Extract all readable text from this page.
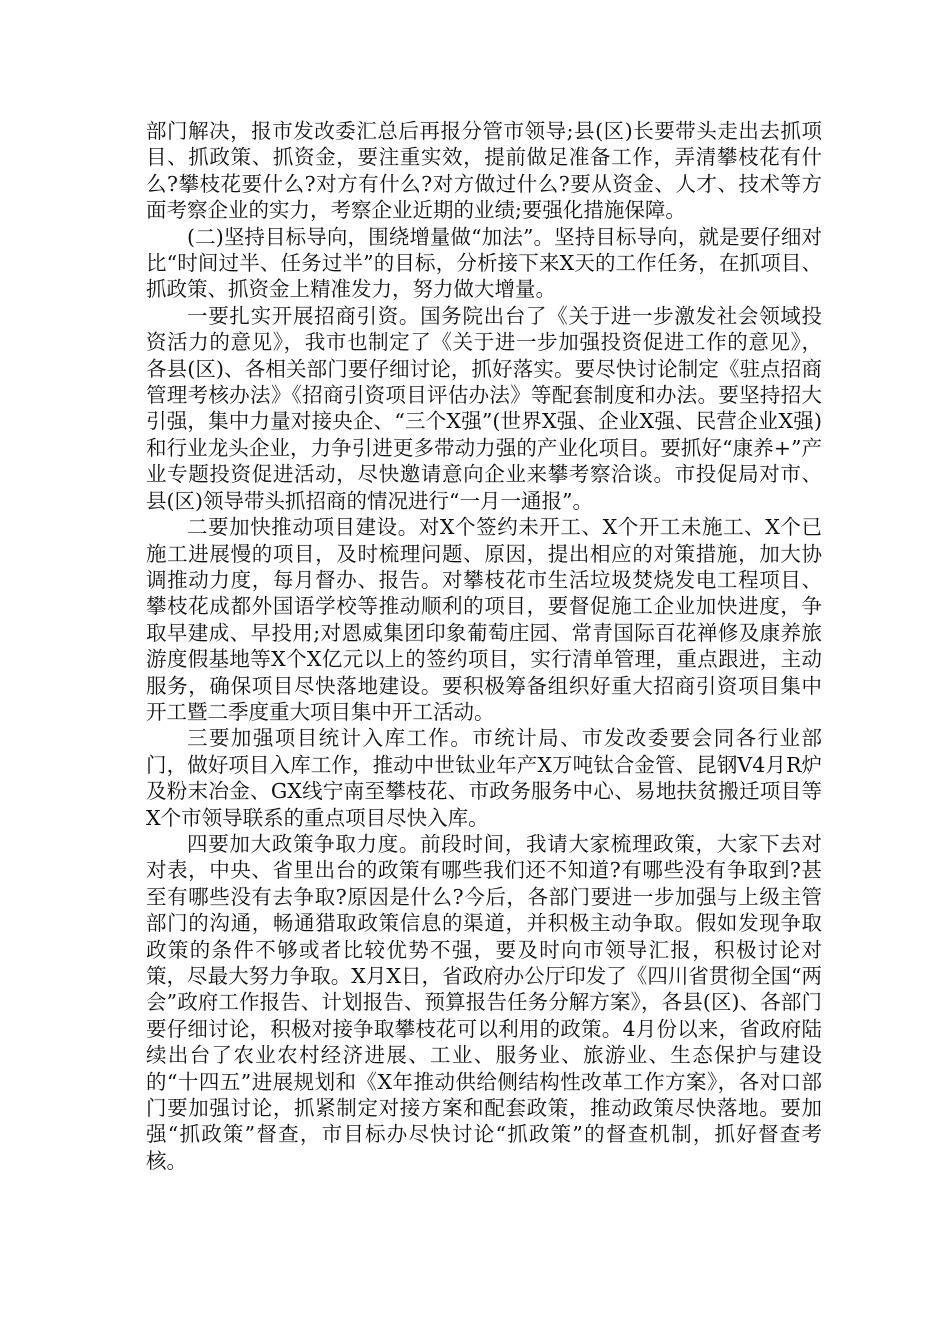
部门解决，报市发改委汇总后再报分管市领导;县(区)长要带头走出去抓项目、抓政策、抓资金，要注重实效，提前做足准备工作，弄清攀枝花有什么?攀枝花要什么?对方有什么?对方做过什么?要从资金、人才、技术等方面考察企业的实力，考察企业近期的业绩;要强化措施保障。

(二)坚持目标导向，围绕增量做“加法”。坚持目标导向，就是要仔细对比“时间过半、任务过半”的目标，分析接下来X天的工作任务，在抓项目、抓政策、抓资金上精准发力，努力做大增量。

一要扎实开展招商引资。国务院出台了《关于进一步激发社会领域投资活力的意见》，我市也制定了《关于进一步加强投资促进工作的意见》，各县(区)、各相关部门要仔细讨论，抓好落实。要尽快讨论制定《驻点招商管理考核办法》《招商引资项目评估办法》等配套制度和办法。要坚持招大引强，集中力量对接央企、“三个X强”(世界X强、企业X强、民营企业X强)和行业龙头企业，力争引进更多带动力强的产业化项目。要抓好“康养+”产业专题投资促进活动，尽快邀请意向企业来攀考察洽谈。市投促局对市、县(区)领导带头抓招商的情况进行“一月一通报”。

二要加快推动项目建设。对X个签约未开工、X个开工未施工、X个已施工进展慢的项目，及时梳理问题、原因，提出相应的对策措施，加大协调推动力度，每月督办、报告。对攀枝花市生活垃圾焚烧发电工程项目、攀枝花成都外国语学校等推动顺利的项目，要督促施工企业加快进度，争取早建成、早投用;对恩威集团印象葡萄庄园、常青国际百花禅修及康养旅游度假基地等X个X亿元以上的签约项目，实行清单管理，重点跟进，主动服务，确保项目尽快落地建设。要积极筹备组织好重大招商引资项目集中开工暨二季度重大项目集中开工活动。

三要加强项目统计入库工作。市统计局、市发改委要会同各行业部门，做好项目入库工作，推动中世钛业年产X万吨钛合金管、昆钢V4月R炉及粉末冶金、GX线宁南至攀枝花、市政务服务中心、易地扶贫搬迁项目等X个市领导联系的重点项目尽快入库。

四要加大政策争取力度。前段时间，我请大家梳理政策，大家下去对对表，中央、省里出台的政策有哪些我们还不知道?有哪些没有争取到?甚至有哪些没有去争取?原因是什么?今后，各部门要进一步加强与上级主管部门的沟通，畅通猎取政策信息的渠道，并积极主动争取。假如发现争取政策的条件不够或者比较优势不强，要及时向市领导汇报，积极讨论对策，尽最大努力争取。X月X日，省政府办公厅印发了《四川省贯彻全国“两会”政府工作报告、计划报告、预算报告任务分解方案》，各县(区)、各部门要仔细讨论，积极对接争取攀枝花可以利用的政策。4月份以来，省政府陆续出台了农业农村经济进展、工业、服务业、旅游业、生态保护与建设的“十四五”进展规划和《X年推动供给侧结构性改革工作方案》，各对口部门要加强讨论，抓紧制定对接方案和配套政策，推动政策尽快落地。要加强“抓政策”督查，市目标办尽快讨论“抓政策”的督查机制，抓好督查考核。
